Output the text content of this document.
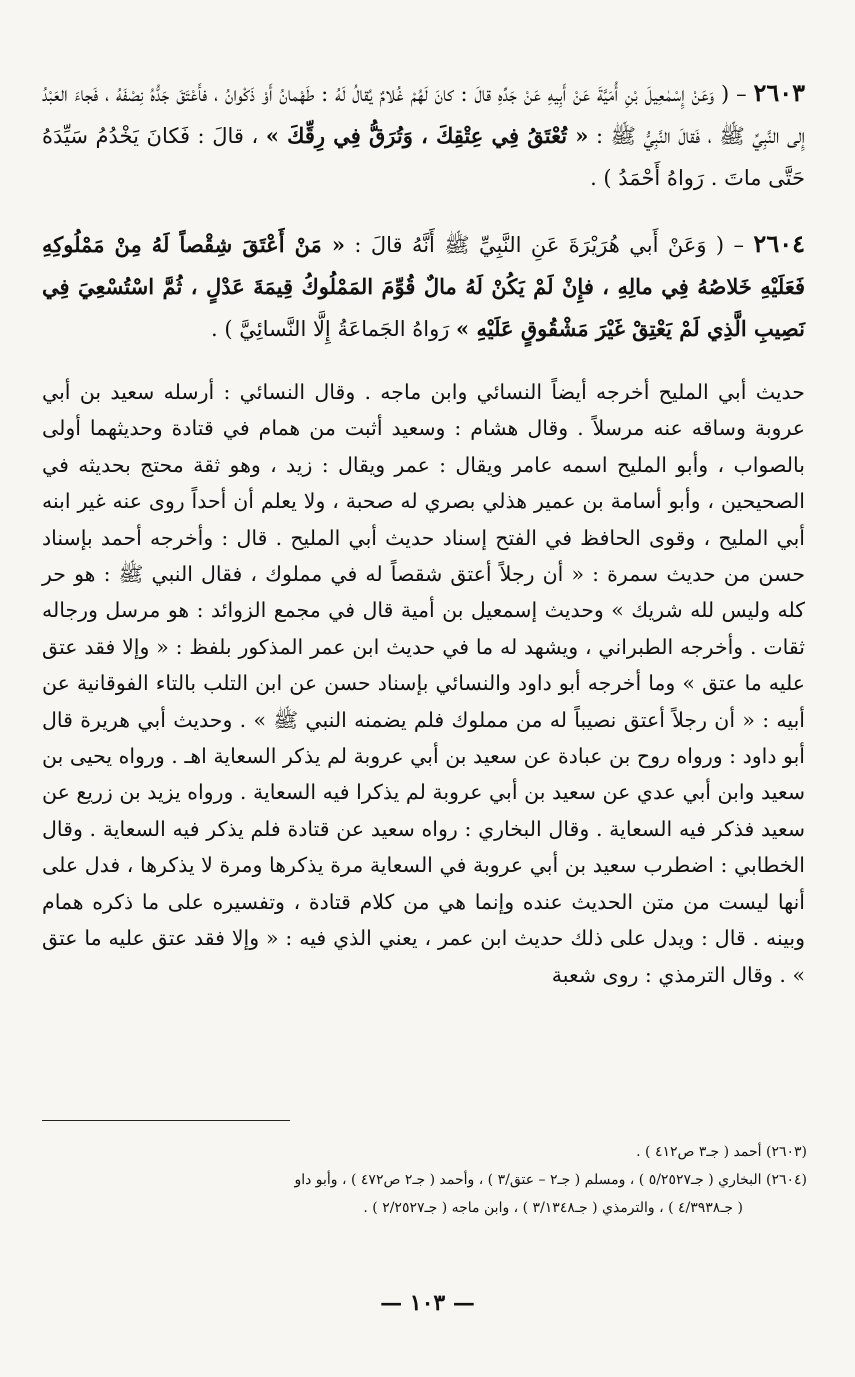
٢٦٠٣ – ( وَعَنْ إِسْمٰعِيلَ بْنِ أُمَيَّةَ عَنْ أَبِيهِ عَنْ جَدِّهِ قالَ : كانَ لَهُمْ غُلامٌ يُقالُ لَهُ : طَهْمانُ أَوْ ذَكْوانُ ، فأَعْتَقَ جَدُّهُ نِصْفَهُ ، فَجاءَ العَبْدُ إِلى النَّبِيِّ ﷺ ، فَقالَ النَّبِيُّ ﷺ : « تُعْتَقُ فِي عِتْقِكَ ، وَتُرَقُّ فِي رِقِّكَ » ، قالَ : فَكانَ يَخْدُمُ سَيِّدَهُ حَتَّى ماتَ . رَواهُ أَحْمَدُ ) .

٢٦٠٤ – ( وَعَنْ أَبي هُرَيْرَةَ عَنِ النَّبِيِّ ﷺ أَنَّهُ قالَ : « مَنْ أَعْتَقَ شِقْصاً لَهُ مِنْ مَمْلُوكِهِ فَعَلَيْهِ خَلاصُهُ فِي مالِهِ ، فإِنْ لَمْ يَكُنْ لَهُ مالٌ قُوِّمَ المَمْلُوكُ قِيمَةَ عَدْلٍ ، ثُمَّ اسْتُسْعِيَ فِي نَصِيبِ الَّذِي لَمْ يَعْتِقْ غَيْرَ مَشْقُوقٍ عَلَيْهِ » رَواهُ الجَماعَةُ إِلَّا النَّسائِيَّ ) .

حديث أبي المليح أخرجه أيضاً النسائي وابن ماجه . وقال النسائي : أرسله سعيد بن أبي عروبة وساقه عنه مرسلاً . وقال هشام : وسعيد أثبت من همام في قتادة وحديثهما أولى بالصواب ، وأبو المليح اسمه عامر ويقال : عمر ويقال : زيد ، وهو ثقة محتج بحديثه في الصحيحين ، وأبو أسامة بن عمير هذلي بصري له صحبة ، ولا يعلم أن أحداً روى عنه غير ابنه أبي المليح ، وقوى الحافظ في الفتح إسناد حديث أبي المليح . قال : وأخرجه أحمد بإسناد حسن من حديث سمرة : « أن رجلاً أعتق شقصاً له في مملوك ، فقال النبي ﷺ : هو حر كله وليس لله شريك » وحديث إسمعيل بن أمية قال في مجمع الزوائد : هو مرسل ورجاله ثقات . وأخرجه الطبراني ، ويشهد له ما في حديث ابن عمر المذكور بلفظ : « وإلا فقد عتق عليه ما عتق » وما أخرجه أبو داود والنسائي بإسناد حسن عن ابن التلب بالتاء الفوقانية عن أبيه : « أن رجلاً أعتق نصيباً له من مملوك فلم يضمنه النبي ﷺ » . وحديث أبي هريرة قال أبو داود : ورواه روح بن عبادة عن سعيد بن أبي عروبة لم يذكر السعاية اهـ . ورواه يحيى بن سعيد وابن أبي عدي عن سعيد بن أبي عروبة لم يذكرا فيه السعاية . ورواه يزيد بن زريع عن سعيد فذكر فيه السعاية . وقال البخاري : رواه سعيد عن قتادة فلم يذكر فيه السعاية . وقال الخطابي : اضطرب سعيد بن أبي عروبة في السعاية مرة يذكرها ومرة لا يذكرها ، فدل على أنها ليست من متن الحديث عنده وإنما هي من كلام قتادة ، وتفسيره على ما ذكره همام وبينه . قال : ويدل على ذلك حديث ابن عمر ، يعني الذي فيه : « وإلا فقد عتق عليه ما عتق » . وقال الترمذي : روى شعبة

(٢٦٠٣) أحمد ( جـ٣ ص٤١٢ ) .
(٢٦٠٤) البخاري ( جـ٥/٢٥٢٧ ) ، ومسلم ( جـ٢ – عتق/٣ ) ، وأحمد ( جـ٢ ص٤٧٢ ) ، وأبو داو
( جـ٤/٣٩٣٨ ) ، والترمذي ( جـ٣/١٣٤٨ ) ، وابن ماجه ( جـ٢/٢٥٢٧ ) .
— ١٠٣ —
